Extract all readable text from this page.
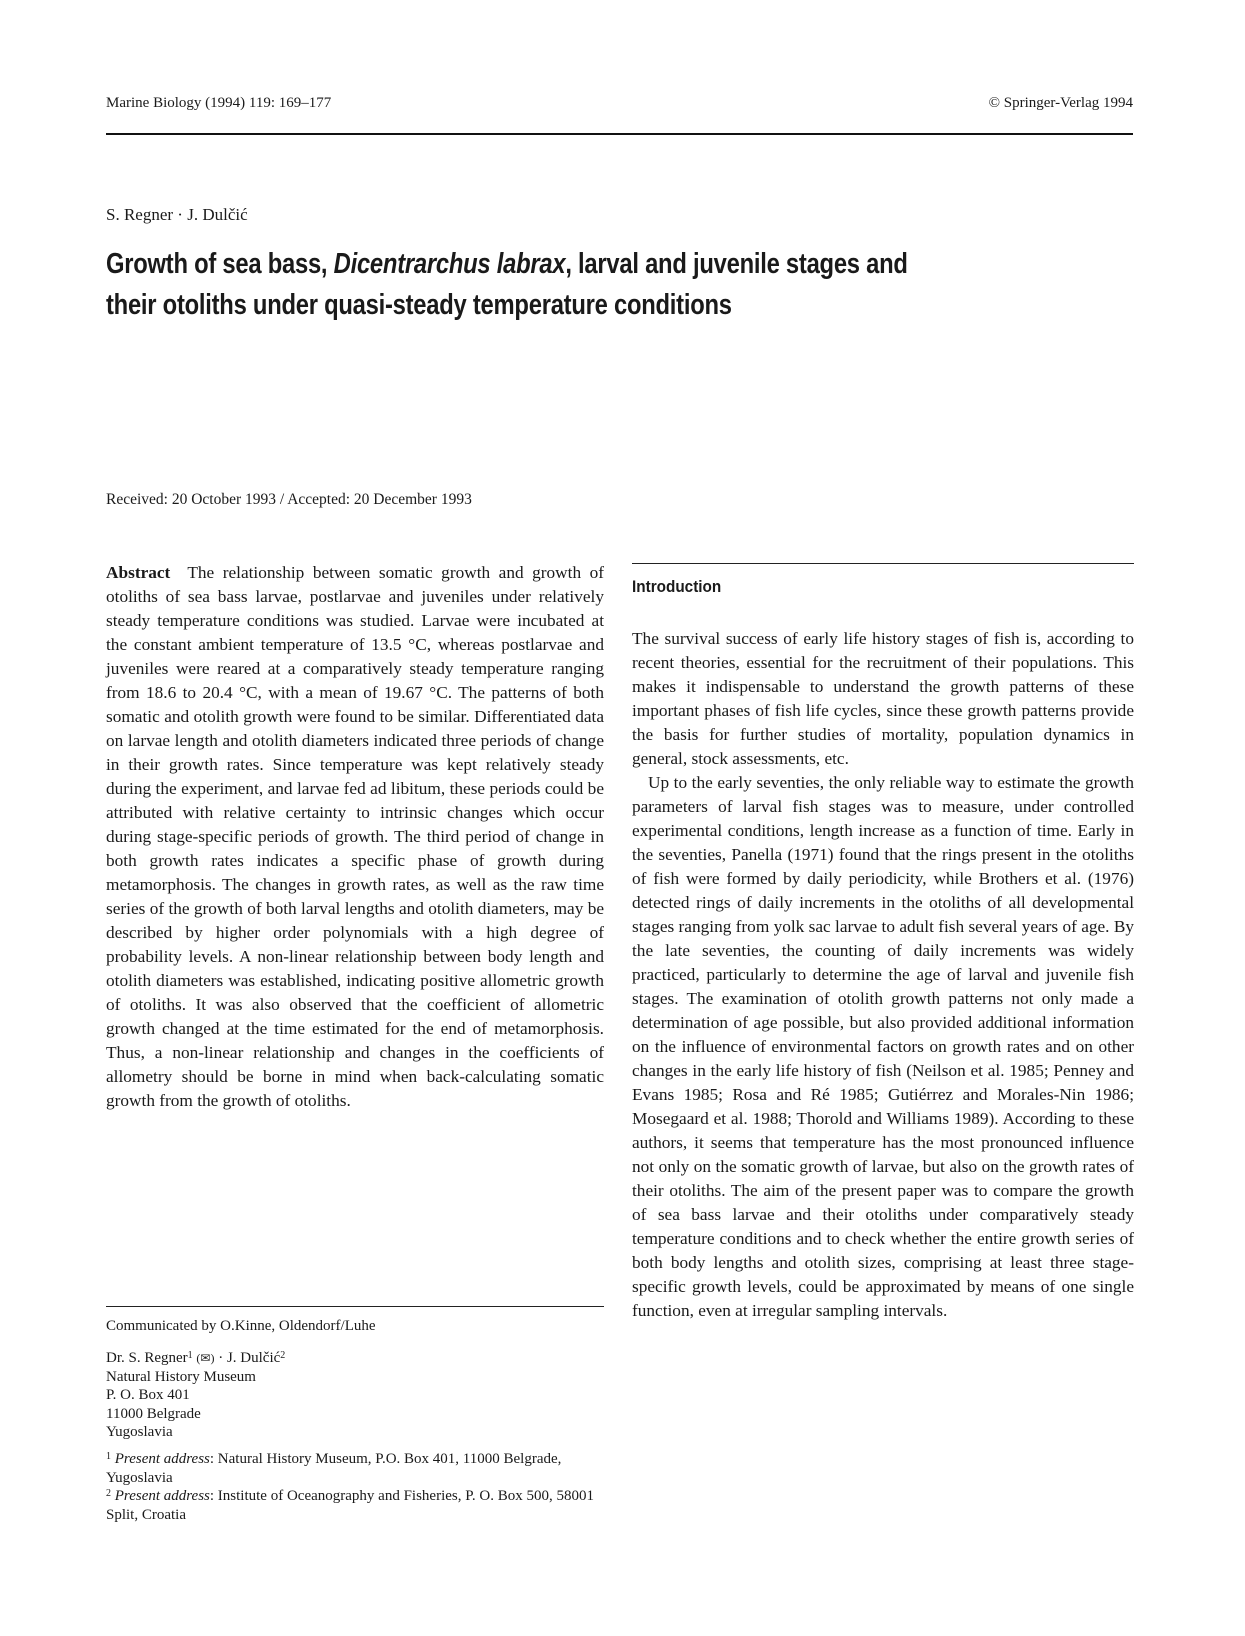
Marine Biology (1994) 119: 169–177	© Springer-Verlag 1994
S. Regner · J. Dulčić
Growth of sea bass, Dicentrarchus labrax, larval and juvenile stages and their otoliths under quasi-steady temperature conditions
Received: 20 October 1993 / Accepted: 20 December 1993

Abstract The relationship between somatic growth and growth of otoliths of sea bass larvae, postlarvae and juveniles under relatively steady temperature conditions was studied. Larvae were incubated at the constant ambient temperature of 13.5 °C, whereas postlarvae and juveniles were reared at a comparatively steady temperature ranging from 18.6 to 20.4 °C, with a mean of 19.67 °C. The patterns of both somatic and otolith growth were found to be similar. Differentiated data on larvae length and otolith diameters indicated three periods of change in their growth rates. Since temperature was kept relatively steady during the experiment, and larvae fed ad libitum, these periods could be attributed with relative certainty to intrinsic changes which occur during stage-specific periods of growth. The third period of change in both growth rates indicates a specific phase of growth during metamorphosis. The changes in growth rates, as well as the raw time series of the growth of both larval lengths and otolith diameters, may be described by higher order polynomials with a high degree of probability levels. A non-linear relationship between body length and otolith diameters was established, indicating positive allometric growth of otoliths. It was also observed that the coefficient of allometric growth changed at the time estimated for the end of metamorphosis. Thus, a non-linear relationship and changes in the coefficients of allometry should be borne in mind when back-calculating somatic growth from the growth of otoliths.

Communicated by O.Kinne, Oldendorf/Luhe
Dr. S. Regner$^1$ (✉) · J. Dulčić$^2$
Natural History Museum
P. O. Box 401
11000 Belgrade
Yugoslavia

$^1$ Present address: Natural History Museum, P.O. Box 401, 11000 Belgrade, Yugoslavia

$^2$ Present address: Institute of Oceanography and Fisheries, P. O. Box 500, 58001 Split, Croatia

Introduction

The survival success of early life history stages of fish is, according to recent theories, essential for the recruitment of their populations. This makes it indispensable to understand the growth patterns of these important phases of fish life cycles, since these growth patterns provide the basis for further studies of mortality, population dynamics in general, stock assessments, etc.

Up to the early seventies, the only reliable way to estimate the growth parameters of larval fish stages was to measure, under controlled experimental conditions, length increase as a function of time. Early in the seventies, Panella (1971) found that the rings present in the otoliths of fish were formed by daily periodicity, while Brothers et al. (1976) detected rings of daily increments in the otoliths of all developmental stages ranging from yolk sac larvae to adult fish several years of age. By the late seventies, the counting of daily increments was widely practiced, particularly to determine the age of larval and juvenile fish stages. The examination of otolith growth patterns not only made a determination of age possible, but also provided additional information on the influence of environmental factors on growth rates and on other changes in the early life history of fish (Neilson et al. 1985; Penney and Evans 1985; Rosa and Ré 1985; Gutiérrez and Morales-Nin 1986; Mosegaard et al. 1988; Thorold and Williams 1989). According to these authors, it seems that temperature has the most pronounced influence not only on the somatic growth of larvae, but also on the growth rates of their otoliths. The aim of the present paper was to compare the growth of sea bass larvae and their otoliths under comparatively steady temperature conditions and to check whether the entire growth series of both body lengths and otolith sizes, comprising at least three stage-specific growth levels, could be approximated by means of one single function, even at irregular sampling intervals.
